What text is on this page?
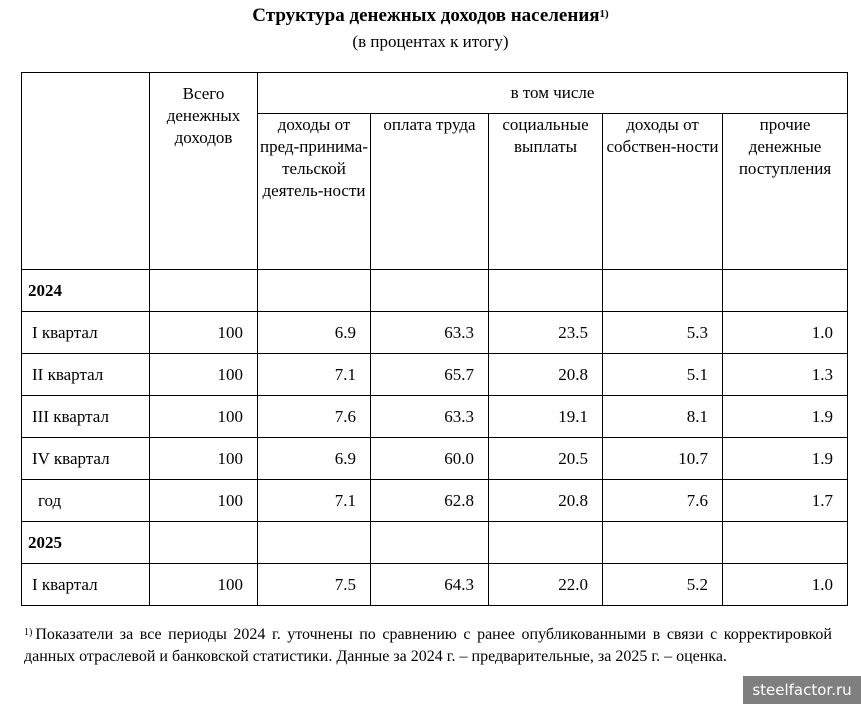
Структура денежных доходов населения$^{1)}$
(в процентах к итогу)
	Всего денежных доходов	в том числе				
		доходы от пред-принима-тельской деятель-ности	оплата труда	социальные выплаты	доходы от собствен-ности	прочие денежные поступления
2024						
I квартал	100	6.9	63.3	23.5	5.3	1.0
II квартал	100	7.1	65.7	20.8	5.1	1.3
III квартал	100	7.6	63.3	19.1	8.1	1.9
IV квартал	100	6.9	60.0	20.5	10.7	1.9
год	100	7.1	62.8	20.8	7.6	1.7
2025						
I квартал	100	7.5	64.3	22.0	5.2	1.0
$^{1)}$ Показатели за все периоды 2024 г. уточнены по сравнению с ранее опубликованными в связи с корректировкой данных отраслевой и банковской статистики. Данные за 2024 г. – предварительные, за 2025 г. – оценка.
steelfactor.ru
